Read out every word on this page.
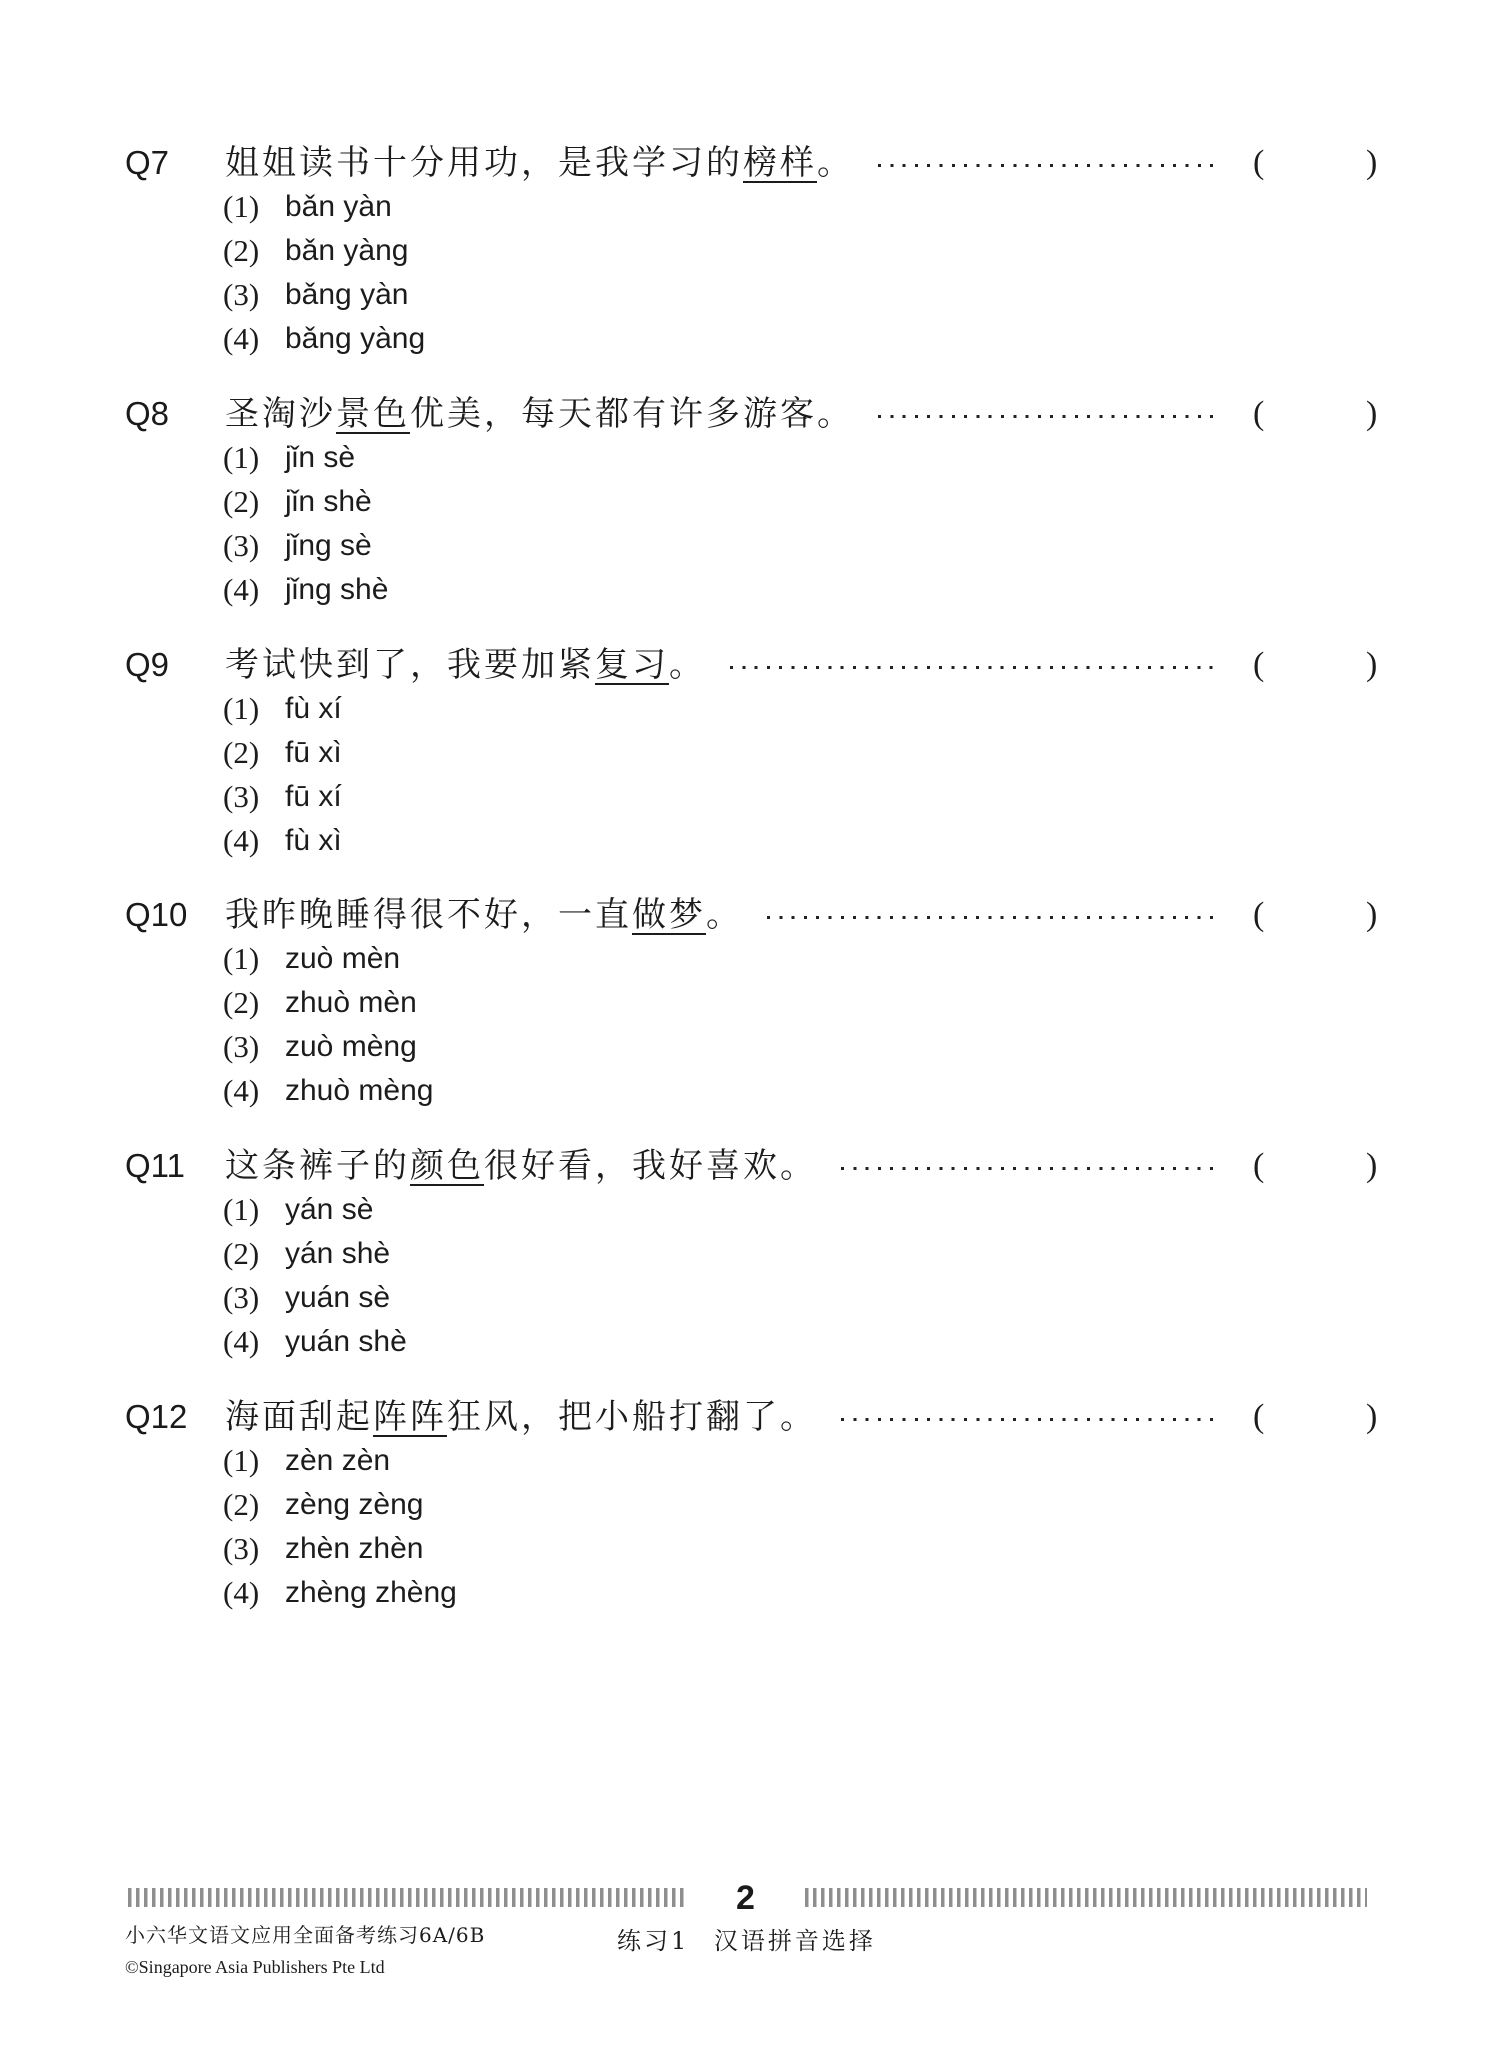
Q7 姐姐读书十分用功，是我学习的榜样。	(	)
(1) bǎn yàn
(2) bǎn yàng
(3) bǎng yàn
(4) bǎng yàng
Q8 圣淘沙景色优美，每天都有许多游客。	(	)
(1) jǐn sè
(2) jǐn shè
(3) jǐng sè
(4) jǐng shè
Q9 考试快到了，我要加紧复习。	(	)
(1) fù xí
(2) fū xì
(3) fū xí
(4) fù xì
Q10 我昨晚睡得很不好，一直做梦。	(	)
(1) zuò mèn
(2) zhuò mèn
(3) zuò mèng
(4) zhuò mèng
Q11 这条裤子的颜色很好看，我好喜欢。	(	)
(1) yán sè
(2) yán shè
(3) yuán sè
(4) yuán shè
Q12 海面刮起阵阵狂风，把小船打翻了。	(	)
(1) zèn zèn
(2) zèng zèng
(3) zhèn zhèn
(4) zhèng zhèng
2
小六华文语文应用全面备考练习6A/6B
©Singapore Asia Publishers Pte Ltd
练习1 汉语拼音选择
